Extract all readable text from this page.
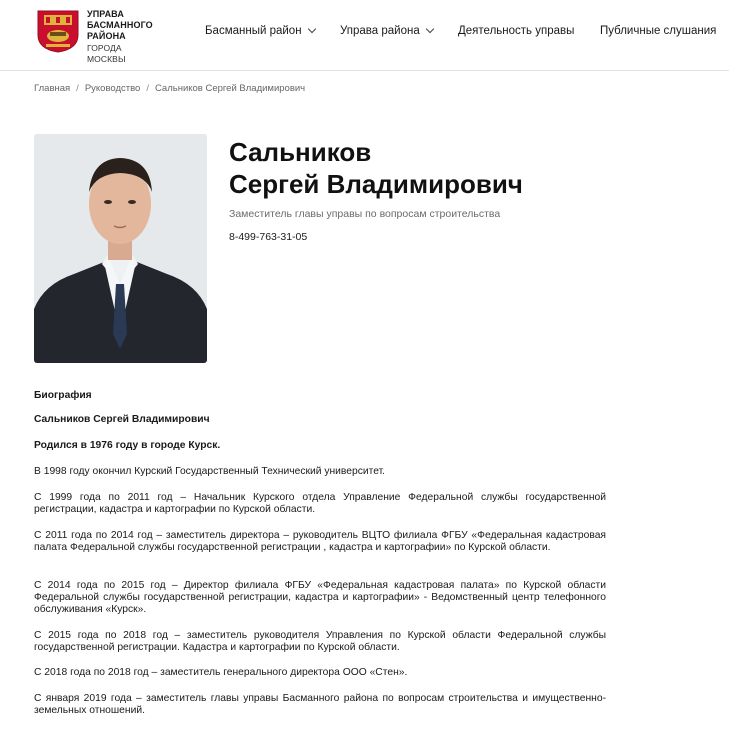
УПРАВА
БАСМАННОГО
РАЙОНА
ГОРОДА МОСКВЫ
Басманный район	Управа района	Деятельность управы Публичные слушания
Главная / Руководство / Сальников Сергей Владимирович
Сальников
Сергей Владимирович
Заместитель главы управы по вопросам строительства
8-499-763-31-05
Биография
Сальников Сергей Владимирович
Родился в 1976 году в городе Курск.
В 1998 году окончил Курский Государственный Технический университет.
С 1999 года по 2011 год – Начальник Курского отдела Управление Федеральной службы государственной регистрации, кадастра и картографии по Курской области.
С 2011 года по 2014 год – заместитель директора – руководитель ВЦТО филиала ФГБУ «Федеральная кадастровая палата Федеральной службы государственной регистрации , кадастра и картографии» по Курской области.
С 2014 года по 2015 год – Директор филиала ФГБУ «Федеральная кадастровая палата» по Курской области Федеральной службы государственной регистрации, кадастра и картографии» - Ведомственный центр телефонного обслуживания «Курск».
С 2015 года по 2018 год – заместитель руководителя Управления по Курской области Федеральной службы государственной регистрации. Кадастра и картографии по Курской области.
С 2018 года по 2018 год – заместитель генерального директора ООО «Стен».
С января 2019 года – заместитель главы управы Басманного района по вопросам строительства и имущественно-земельных отношений.
